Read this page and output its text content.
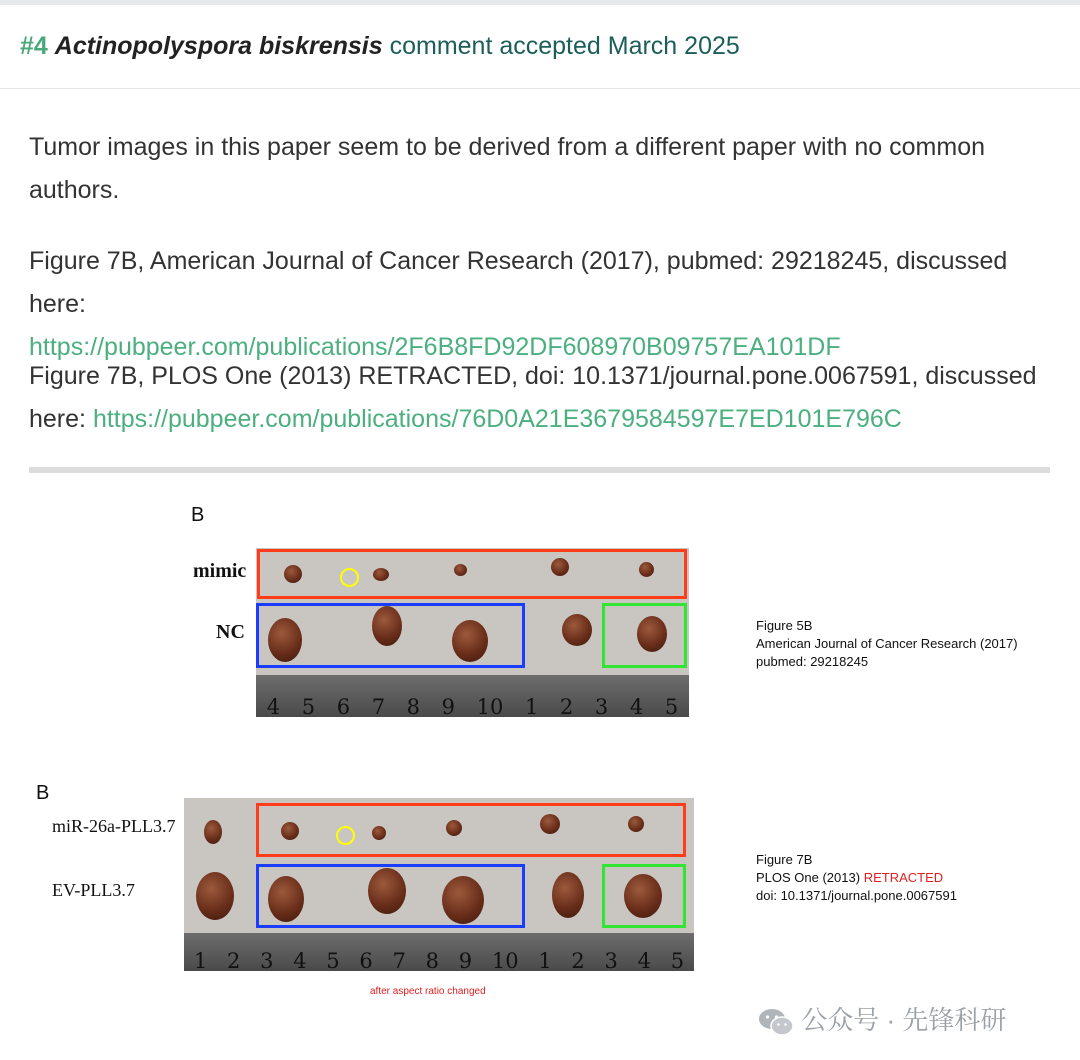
#4 Actinopolyspora biskrensis comment accepted March 2025
Tumor images in this paper seem to be derived from a different paper with no common authors.
Figure 7B, American Journal of Cancer Research (2017), pubmed: 29218245, discussed here:
https://pubpeer.com/publications/2F6B8FD92DF608970B09757EA101DF
Figure 7B, PLOS One (2013) RETRACTED, doi: 10.1371/journal.pone.0067591, discussed here: https://pubpeer.com/publications/76D0A21E3679584597E7ED101E796C
B
mimic
NC
4 5 6 7 8 9 10 1 2 3 4 5
Figure 5B
American Journal of Cancer Research (2017)
pubmed: 29218245
B
miR-26a-PLL3.7
EV-PLL3.7
1 2 3 4 5 6 7 8 9 10 1 2 3 4 5
Figure 7B
PLOS One (2013) RETRACTED
doi: 10.1371/journal.pone.0067591
after aspect ratio changed
公众号 · 先锋科研
